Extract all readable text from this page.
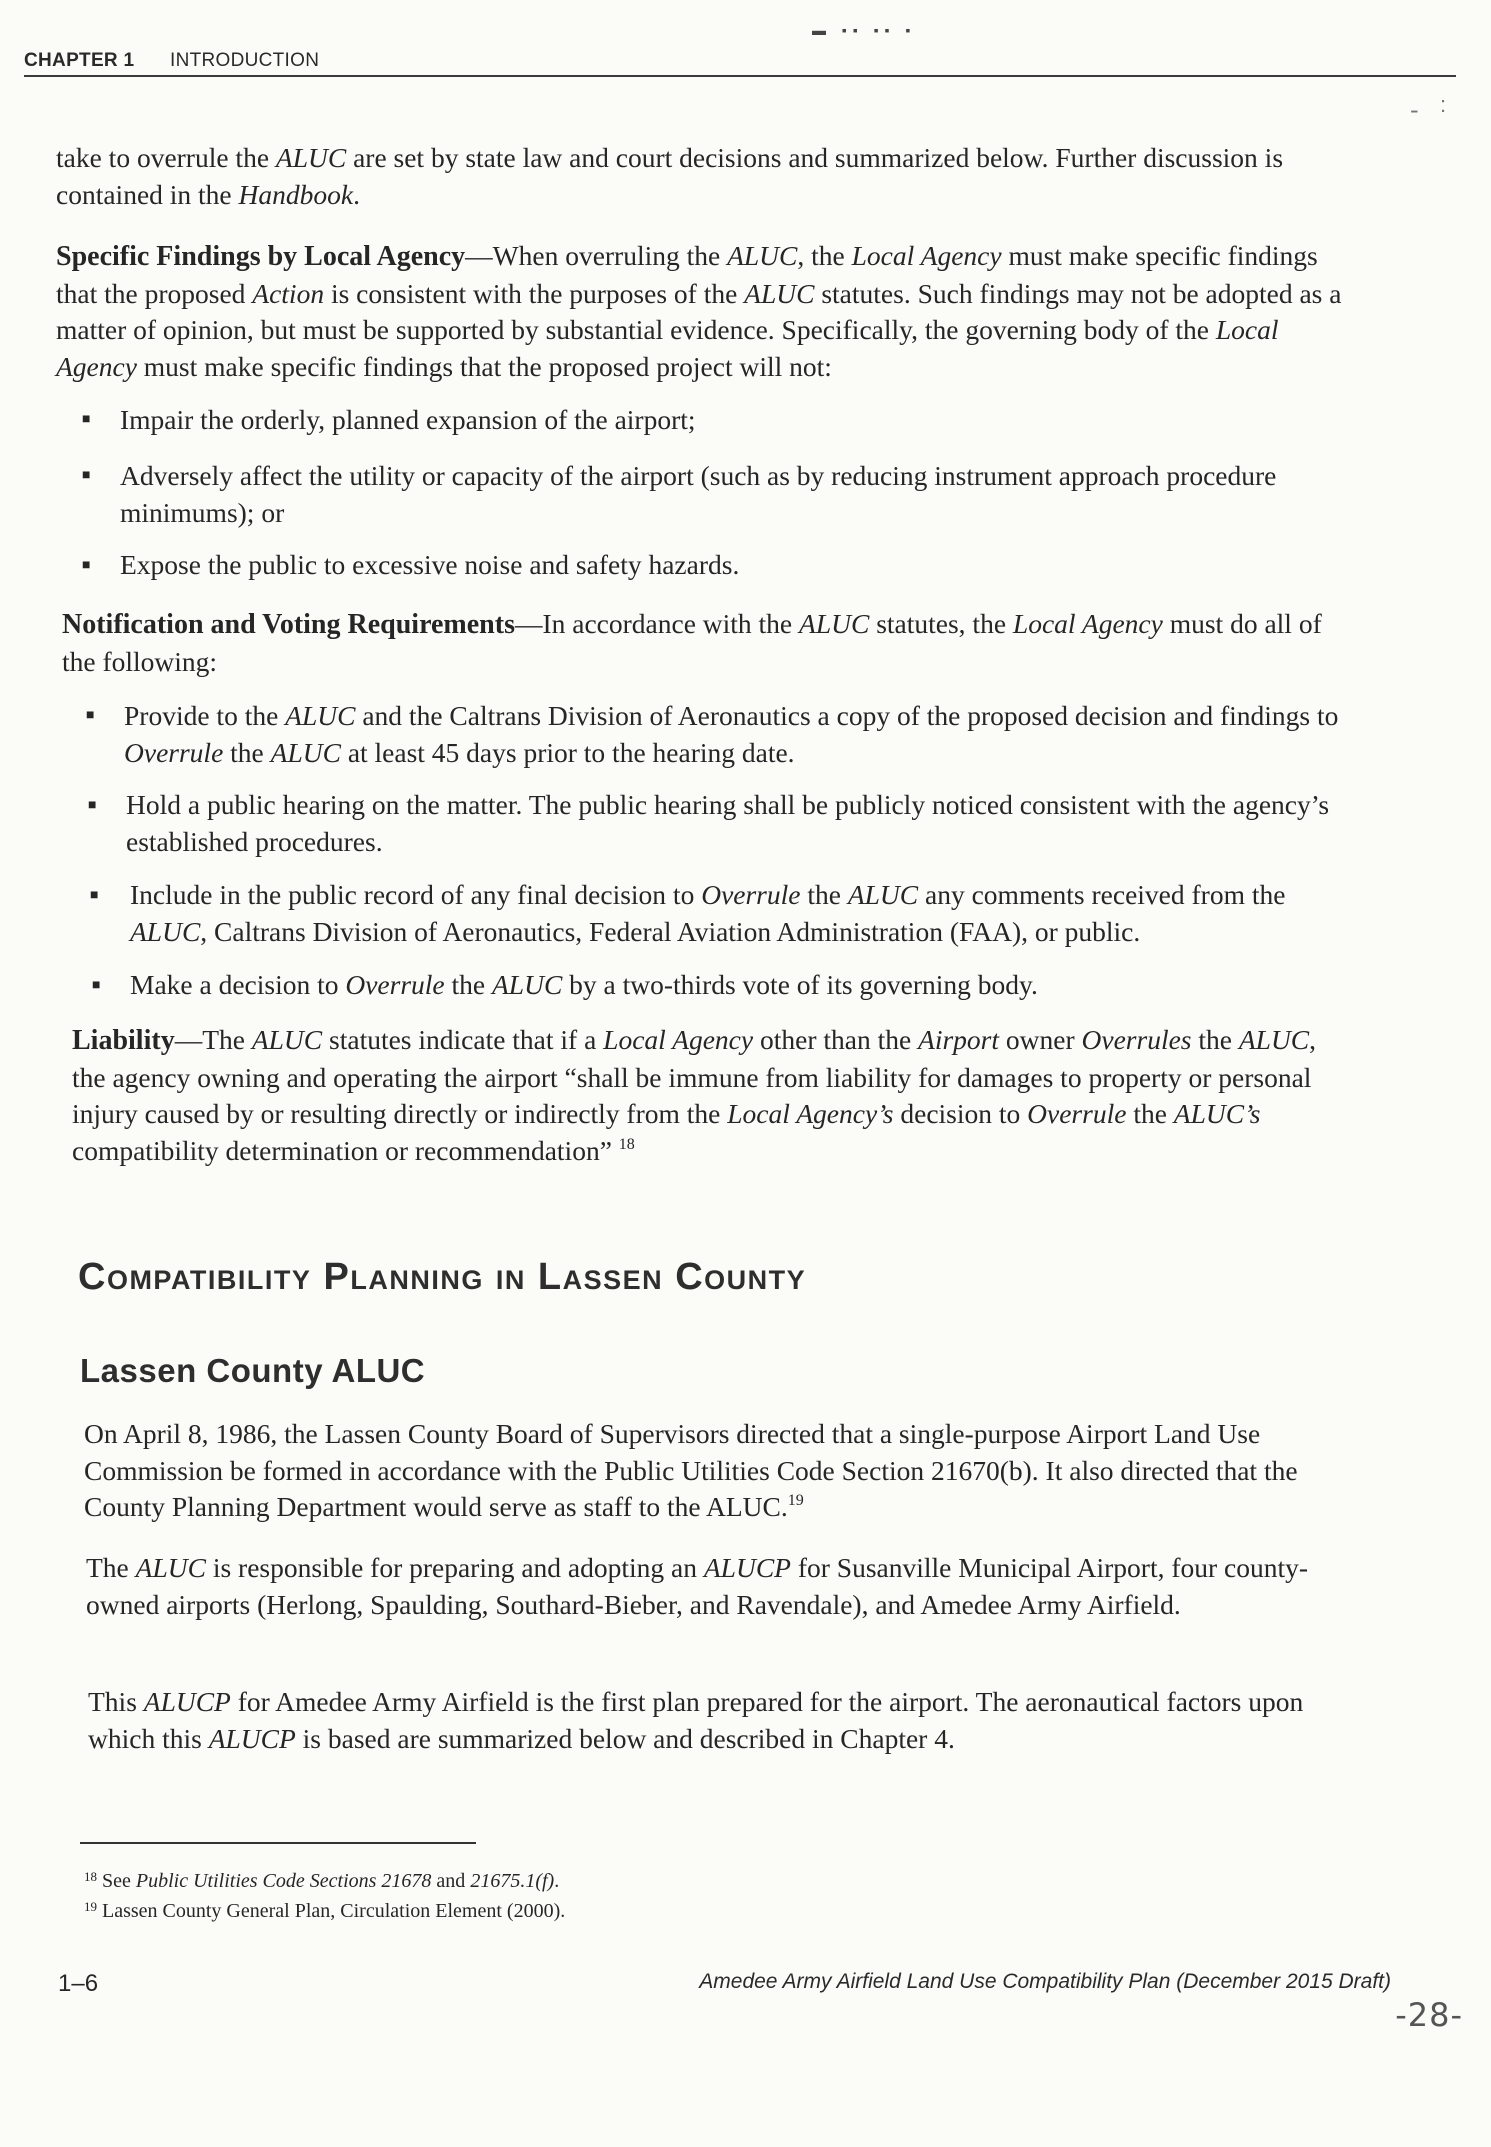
▬ ▪▪ ▪▪ ▪
CHAPTER 1 INTRODUCTION
:
-
take to overrule the ALUC are set by state law and court decisions and summarized below. Further discussion is contained in the Handbook.
Specific Findings by Local Agency—When overruling the ALUC, the Local Agency must make specific findings that the proposed Action is consistent with the purposes of the ALUC statutes. Such findings may not be adopted as a matter of opinion, but must be supported by substantial evidence. Specifically, the governing body of the Local Agency must make specific findings that the proposed project will not:
■ Impair the orderly, planned expansion of the airport;
■ Adversely affect the utility or capacity of the airport (such as by reducing instrument approach procedure minimums); or
■ Expose the public to excessive noise and safety hazards.
Notification and Voting Requirements—In accordance with the ALUC statutes, the Local Agency must do all of the following:
■ Provide to the ALUC and the Caltrans Division of Aeronautics a copy of the proposed decision and findings to Overrule the ALUC at least 45 days prior to the hearing date.
■ Hold a public hearing on the matter. The public hearing shall be publicly noticed consistent with the agency’s established procedures.
■ Include in the public record of any final decision to Overrule the ALUC any comments received from the ALUC, Caltrans Division of Aeronautics, Federal Aviation Administration (FAA), or public.
■ Make a decision to Overrule the ALUC by a two-thirds vote of its governing body.
Liability—The ALUC statutes indicate that if a Local Agency other than the Airport owner Overrules the ALUC, the agency owning and operating the airport “shall be immune from liability for damages to property or personal injury caused by or resulting directly or indirectly from the Local Agency’s decision to Overrule the ALUC’s compatibility determination or recommendation” $^{18}$
Compatibility Planning in Lassen County
Lassen County ALUC
On April 8, 1986, the Lassen County Board of Supervisors directed that a single-purpose Airport Land Use Commission be formed in accordance with the Public Utilities Code Section 21670(b). It also directed that the County Planning Department would serve as staff to the ALUC.$^{19}$
The ALUC is responsible for preparing and adopting an ALUCP for Susanville Municipal Airport, four county-owned airports (Herlong, Spaulding, Southard-Bieber, and Ravendale), and Amedee Army Airfield.
This ALUCP for Amedee Army Airfield is the first plan prepared for the airport. The aeronautical factors upon which this ALUCP is based are summarized below and described in Chapter 4.
$^{18}$ See Public Utilities Code Sections 21678 and 21675.1(f).
$^{19}$ Lassen County General Plan, Circulation Element (2000).
1–6	Amedee Army Airfield Land Use Compatibility Plan (December 2015 Draft)
-28-
